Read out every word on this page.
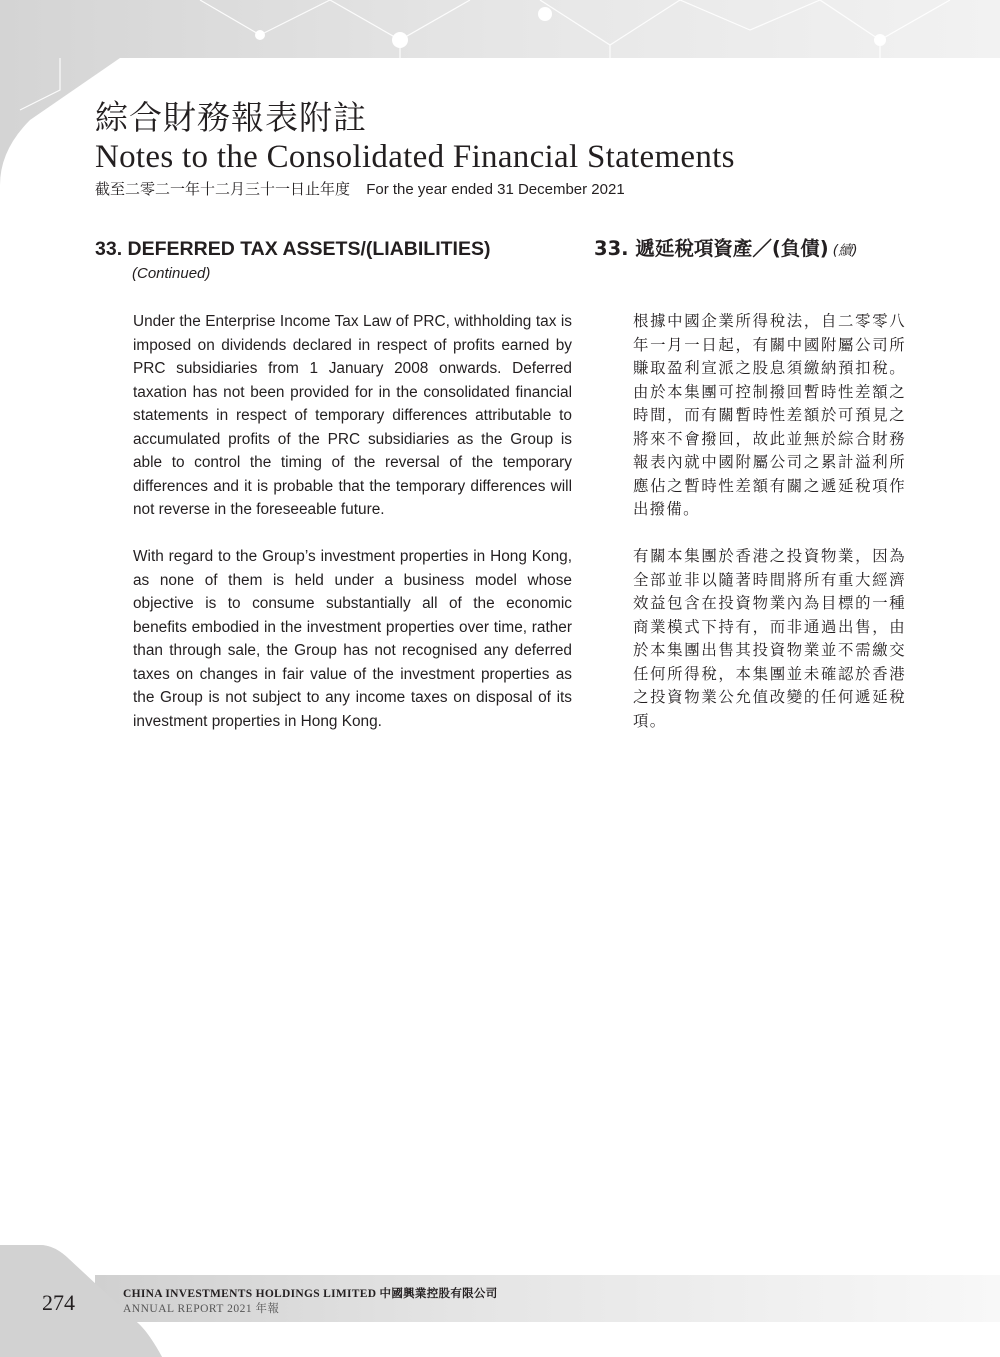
綜合財務報表附註
Notes to the Consolidated Financial Statements
截至二零二一年十二月三十一日止年度 For the year ended 31 December 2021
33. DEFERRED TAX ASSETS/(LIABILITIES)
(Continued)
33. 遞延稅項資產／(負債) (續)

Under the Enterprise Income Tax Law of PRC, withholding tax is imposed on dividends declared in respect of profits earned by PRC subsidiaries from 1 January 2008 onwards. Deferred taxation has not been provided for in the consolidated financial statements in respect of temporary differences attributable to accumulated profits of the PRC subsidiaries as the Group is able to control the timing of the reversal of the temporary differences and it is probable that the temporary differences will not reverse in the foreseeable future.

With regard to the Group’s investment properties in Hong Kong, as none of them is held under a business model whose objective is to consume substantially all of the economic benefits embodied in the investment properties over time, rather than through sale, the Group has not recognised any deferred taxes on changes in fair value of the investment properties as the Group is not subject to any income taxes on disposal of its investment properties in Hong Kong.

根據中國企業所得稅法，自二零零八年一月一日起，有關中國附屬公司所賺取盈利宣派之股息須繳納預扣稅。由於本集團可控制撥回暫時性差額之時間，而有關暫時性差額於可預見之將來不會撥回，故此並無於綜合財務報表內就中國附屬公司之累計溢利所應佔之暫時性差額有關之遞延稅項作出撥備。

有關本集團於香港之投資物業，因為全部並非以隨著時間將所有重大經濟效益包含在投資物業內為目標的一種商業模式下持有，而非通過出售，由於本集團出售其投資物業並不需繳交任何所得稅，本集團並未確認於香港之投資物業公允值改變的任何遞延稅項。

274	CHINA INVESTMENTS HOLDINGS LIMITED 中國興業控股有限公司
ANNUAL REPORT 2021 年報
